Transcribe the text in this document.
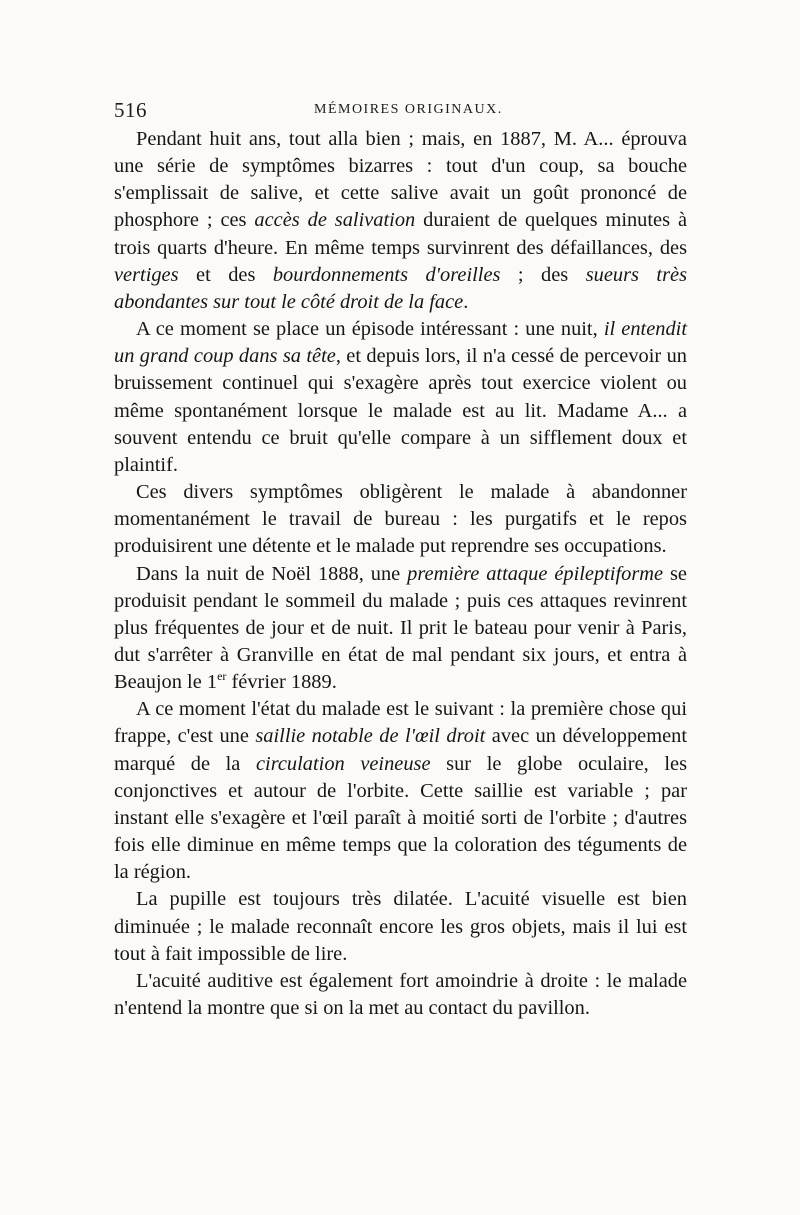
516	MÉMOIRES ORIGINAUX.

Pendant huit ans, tout alla bien ; mais, en 1887, M. A... éprouva une série de symptômes bizarres : tout d'un coup, sa bouche s'emplissait de salive, et cette salive avait un goût prononcé de phosphore ; ces accès de salivation duraient de quelques minutes à trois quarts d'heure. En même temps survinrent des défaillances, des vertiges et des bourdonnements d'oreilles ; des sueurs très abondantes sur tout le côté droit de la face.

A ce moment se place un épisode intéressant : une nuit, il entendit un grand coup dans sa tête, et depuis lors, il n'a cessé de percevoir un bruissement continuel qui s'exagère après tout exercice violent ou même spontanément lorsque le malade est au lit. Madame A... a souvent entendu ce bruit qu'elle compare à un sifflement doux et plaintif.

Ces divers symptômes obligèrent le malade à abandonner momentanément le travail de bureau : les purgatifs et le repos produisirent une détente et le malade put reprendre ses occupations.

Dans la nuit de Noël 1888, une première attaque épileptiforme se produisit pendant le sommeil du malade ; puis ces attaques revinrent plus fréquentes de jour et de nuit. Il prit le bateau pour venir à Paris, dut s'arrêter à Granville en état de mal pendant six jours, et entra à Beaujon le 1er février 1889.

A ce moment l'état du malade est le suivant : la première chose qui frappe, c'est une saillie notable de l'œil droit avec un développement marqué de la circulation veineuse sur le globe oculaire, les conjonctives et autour de l'orbite. Cette saillie est variable ; par instant elle s'exagère et l'œil paraît à moitié sorti de l'orbite ; d'autres fois elle diminue en même temps que la coloration des téguments de la région.

La pupille est toujours très dilatée. L'acuité visuelle est bien diminuée ; le malade reconnaît encore les gros objets, mais il lui est tout à fait impossible de lire.

L'acuité auditive est également fort amoindrie à droite : le malade n'entend la montre que si on la met au contact du pavillon.
